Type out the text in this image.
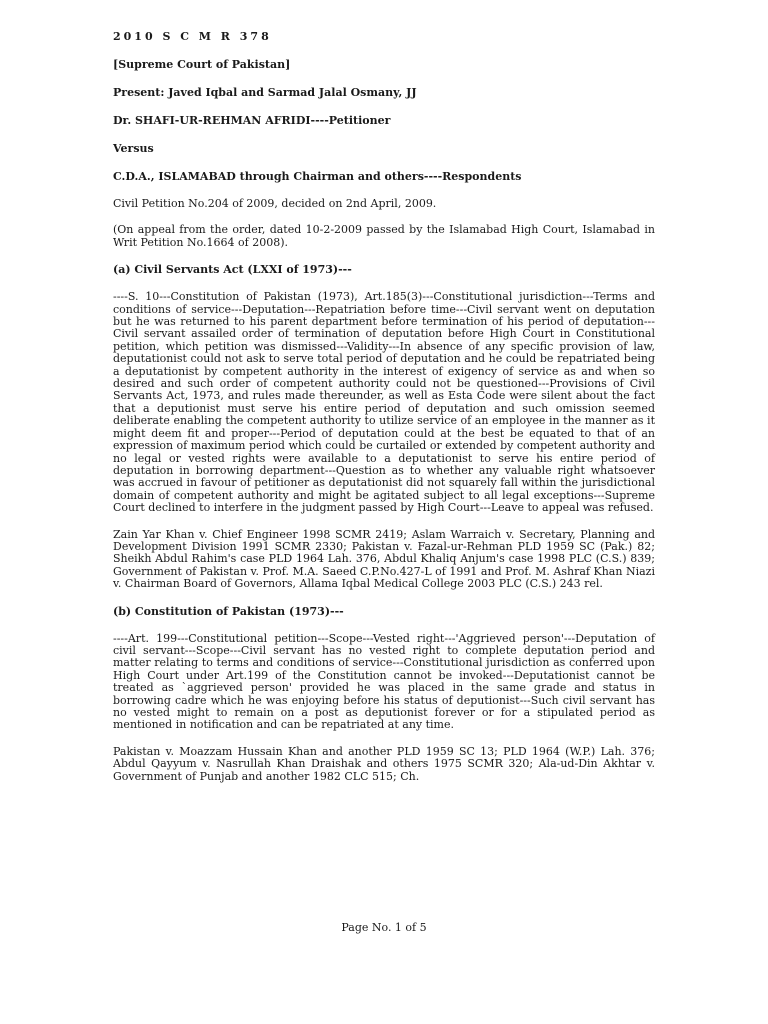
2010 S C M R 378

[Supreme Court of Pakistan]

Present: Javed Iqbal and Sarmad Jalal Osmany, JJ

Dr. SHAFI-UR-REHMAN AFRIDI----Petitioner

Versus

C.D.A., ISLAMABAD through Chairman and others----Respondents

Civil Petition No.204 of 2009, decided on 2nd April, 2009.

(On appeal from the order, dated 10-2-2009 passed by the Islamabad High Court, Islamabad in Writ Petition No.1664 of 2008).

(a) Civil Servants Act (LXXI of 1973)---

----S. 10---Constitution of Pakistan (1973), Art.185(3)---Constitutional jurisdiction---Terms and conditions of service---Deputation---Repatriation before time---Civil servant went on deputation but he was returned to his parent department before termination of his period of deputation---Civil servant assailed order of termination of deputation before High Court in Constitutional petition, which petition was dismissed---Validity---In absence of any specific provision of law, deputationist could not ask to serve total period of deputation and he could be repatriated being a deputationist by competent authority in the interest of exigency of service as and when so desired and such order of competent authority could not be questioned---Provisions of Civil Servants Act, 1973, and rules made thereunder, as well as Esta Code were silent about the fact that a deputionist must serve his entire period of deputation and such omission seemed deliberate enabling the competent authority to utilize service of an employee in the manner as it might deem fit and proper---Period of deputation could at the best be equated to that of an expression of maximum period which could be curtailed or extended by competent authority and no legal or vested rights were available to a deputationist to serve his entire period of deputation in borrowing department---Question as to whether any valuable right whatsoever was accrued in favour of petitioner as deputationist did not squarely fall within the jurisdictional domain of competent authority and might be agitated subject to all legal exceptions---Supreme Court declined to interfere in the judgment passed by High Court---Leave to appeal was refused.

Zain Yar Khan v. Chief Engineer 1998 SCMR 2419; Aslam Warraich v. Secretary, Planning and Development Division 1991 SCMR 2330; Pakistan v. Fazal-ur-Rehman PLD 1959 SC (Pak.) 82; Sheikh Abdul Rahim's case PLD 1964 Lah. 376, Abdul Khaliq Anjum's case 1998 PLC (C.S.) 839; Government of Pakistan v. Prof. M.A. Saeed C.P.No.427-L of 1991 and Prof. M. Ashraf Khan Niazi v. Chairman Board of Governors, Allama Iqbal Medical College 2003 PLC (C.S.) 243 rel.

(b) Constitution of Pakistan (1973)---

----Art. 199---Constitutional petition---Scope---Vested right---'Aggrieved person'---Deputation of civil servant---Scope---Civil servant has no vested right to complete deputation period and matter relating to terms and conditions of service---Constitutional jurisdiction as conferred upon High Court under Art.199 of the Constitution cannot be invoked---Deputationist cannot be treated as `aggrieved person' provided he was placed in the same grade and status in borrowing cadre which he was enjoying before his status of deputionist---Such civil servant has no vested might to remain on a post as deputionist forever or for a stipulated period as mentioned in notification and can be repatriated at any time.

Pakistan v. Moazzam Hussain Khan and another PLD 1959 SC 13; PLD 1964 (W.P.) Lah. 376; Abdul Qayyum v. Nasrullah Khan Draishak and others 1975 SCMR 320; Ala-ud-Din Akhtar v. Government of Punjab and another 1982 CLC 515; Ch.

Page No. 1 of 5
